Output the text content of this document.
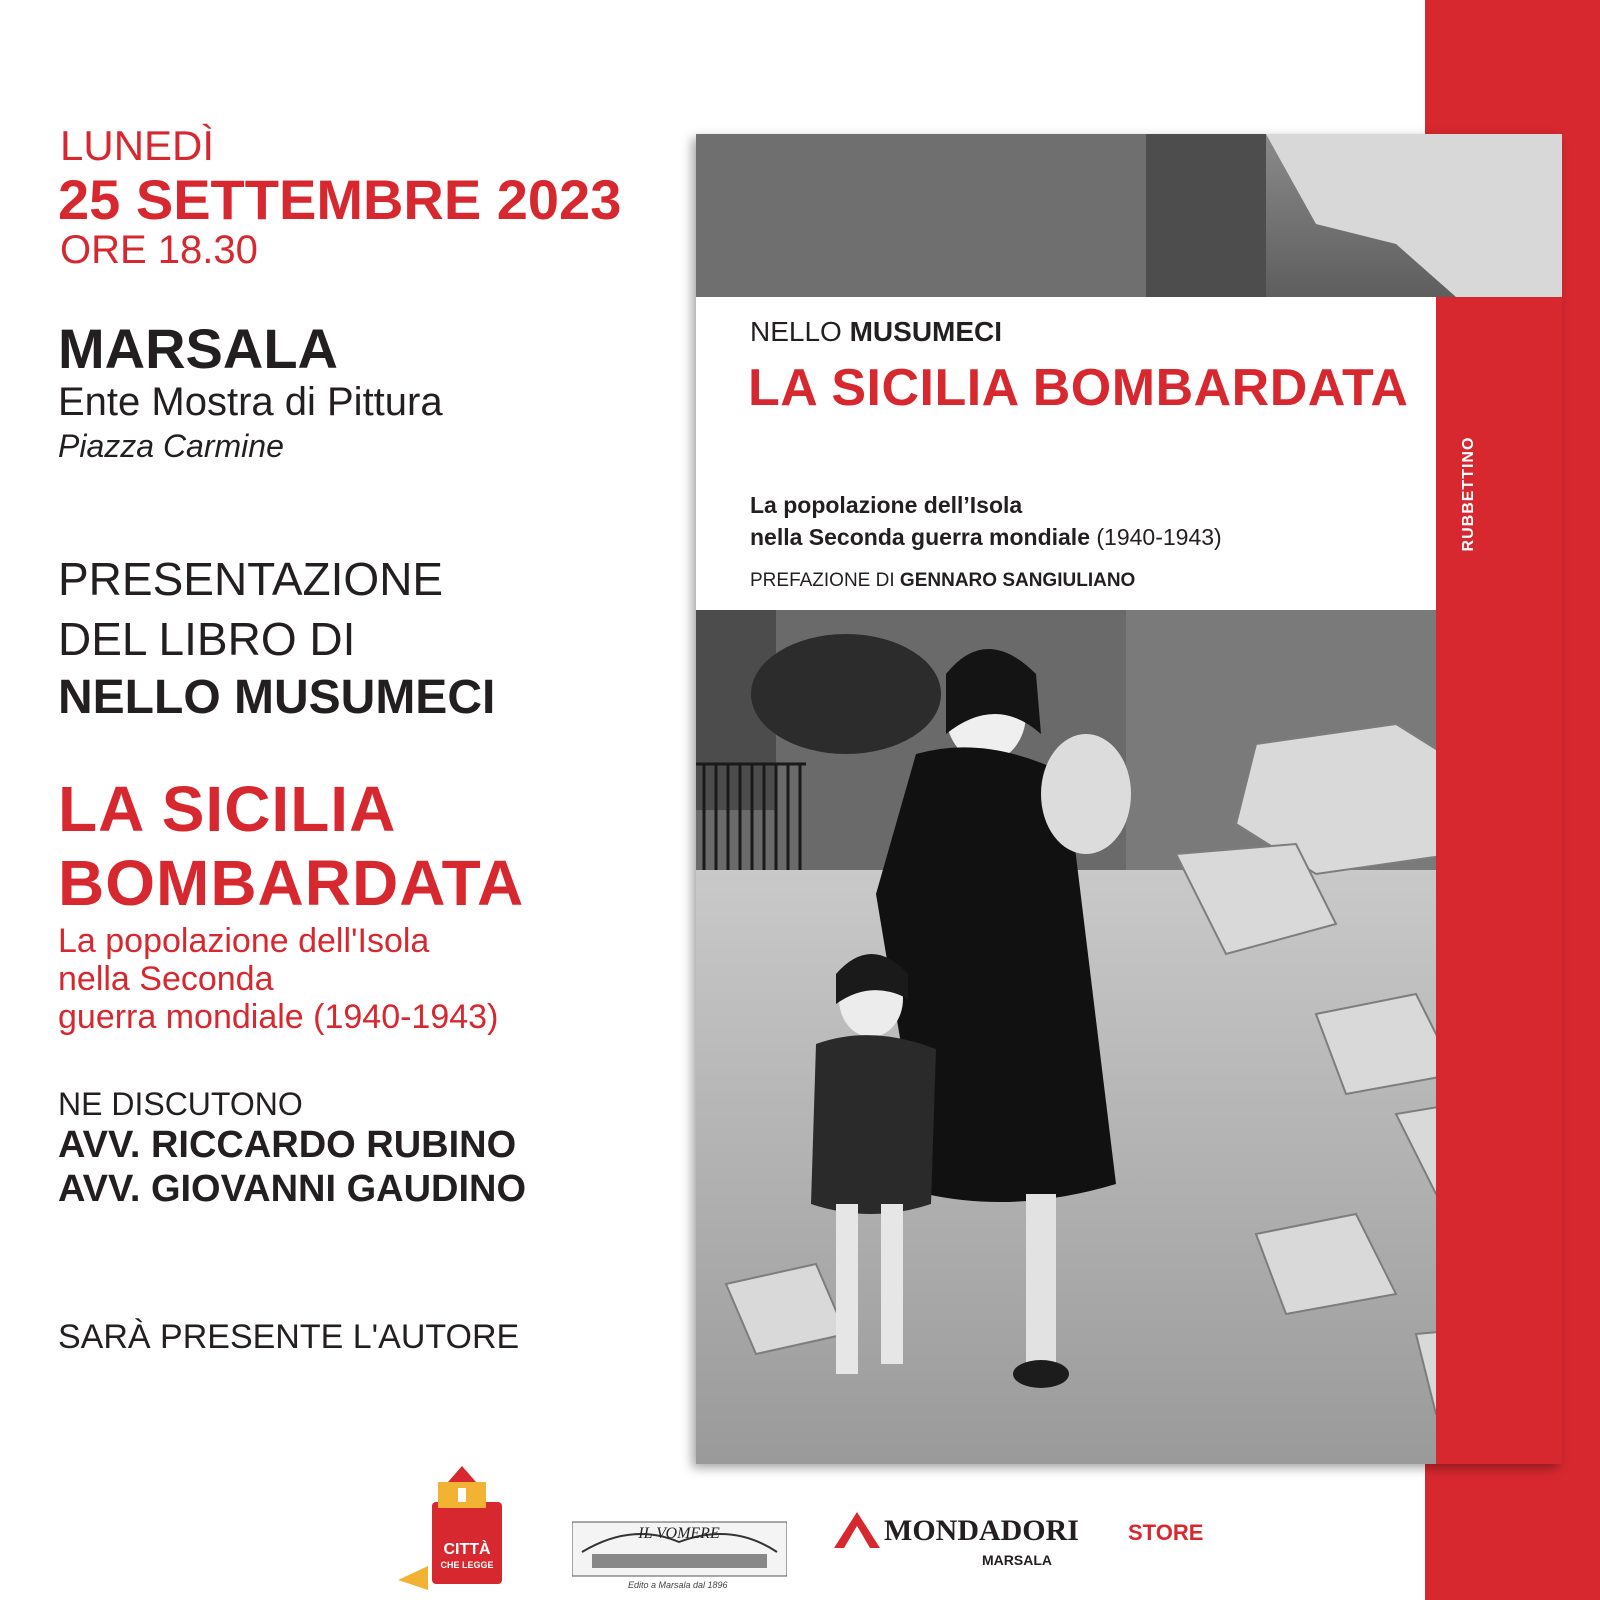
LUNEDÌ
25 SETTEMBRE 2023
ORE 18.30
MARSALA
Ente Mostra di Pittura
Piazza Carmine
PRESENTAZIONE
DEL LIBRO DI
NELLO MUSUMECI
LA SICILIA
BOMBARDATA
La popolazione dell'Isola
nella Seconda
guerra mondiale (1940-1943)
NE DISCUTONO
AVV. RICCARDO RUBINO
AVV. GIOVANNI GAUDINO
SARÀ PRESENTE L'AUTORE
RUBBETTINO
NELLO MUSUMECI
LA SICILIA BOMBARDATA
La popolazione dell’Isola
nella Seconda guerra mondiale (1940-1943)
PREFAZIONE DI GENNARO SANGIULIANO
CITTÀ
CHE LEGGE
IL VOMERE
Edito a Marsala dal 1896
MONDADORI STORE
MARSALA
